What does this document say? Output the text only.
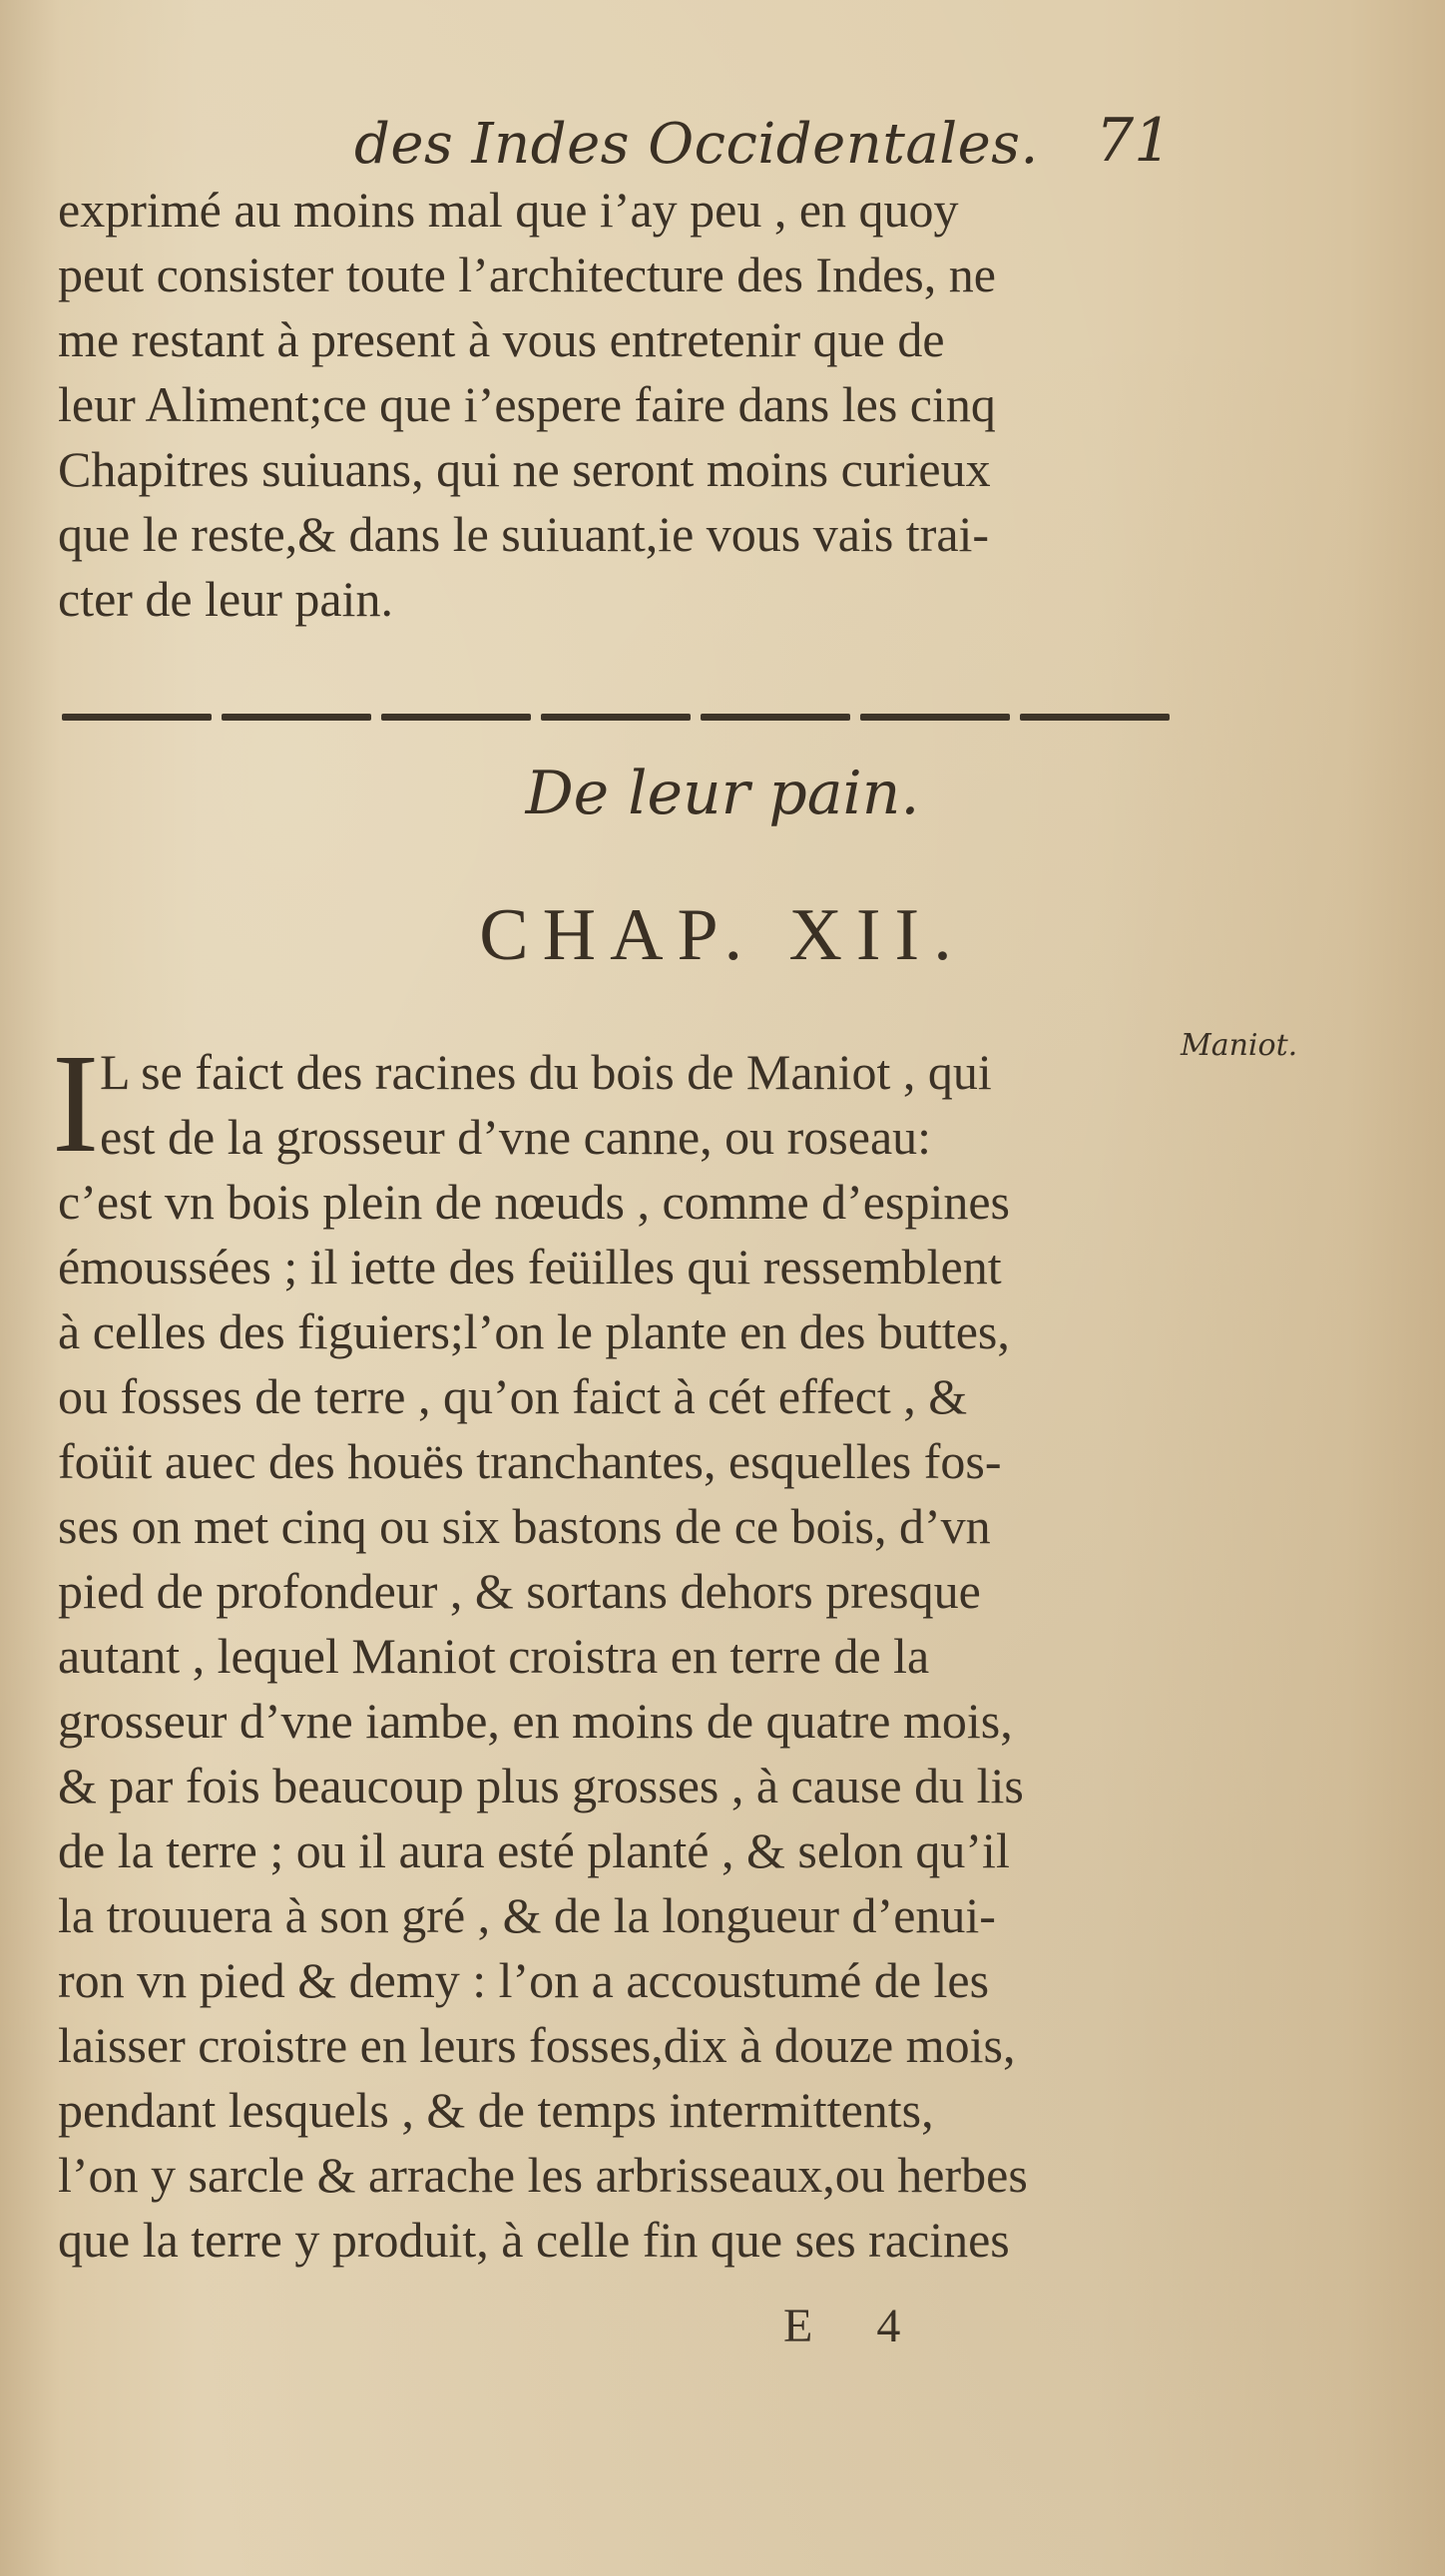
des Indes Occidentales. 71
exprimé au moins mal que i’ay peu , en quoy
peut consister toute l’architecture des Indes, ne
me restant à present à vous entretenir que de
leur Aliment;ce que i’espere faire dans les cinq
Chapitres suiuans, qui ne seront moins curieux
que le reste,& dans le suiuant,ie vous vais trai-
cter de leur pain.
De leur pain.
CHAP. XII.
I	Maniot.
L se faict des racines du bois de Maniot , qui
est de la grosseur d’vne canne, ou roseau:
c’est vn bois plein de nœuds , comme d’espines
émoussées ; il iette des feüilles qui ressemblent
à celles des figuiers;l’on le plante en des buttes,
ou fosses de terre , qu’on faict à cét effect , &
foüit auec des houës tranchantes, esquelles fos-
ses on met cinq ou six bastons de ce bois, d’vn
pied de profondeur , & sortans dehors presque
autant , lequel Maniot croistra en terre de la
grosseur d’vne iambe, en moins de quatre mois,
& par fois beaucoup plus grosses , à cause du lis
de la terre ; ou il aura esté planté , & selon qu’il
la trouuera à son gré , & de la longueur d’enui-
ron vn pied & demy : l’on a accoustumé de les
laisser croistre en leurs fosses,dix à douze mois,
pendant lesquels , & de temps intermittents,
l’on y sarcle & arrache les arbrisseaux,ou herbes
que la terre y produit, à celle fin que ses racines
E 4
